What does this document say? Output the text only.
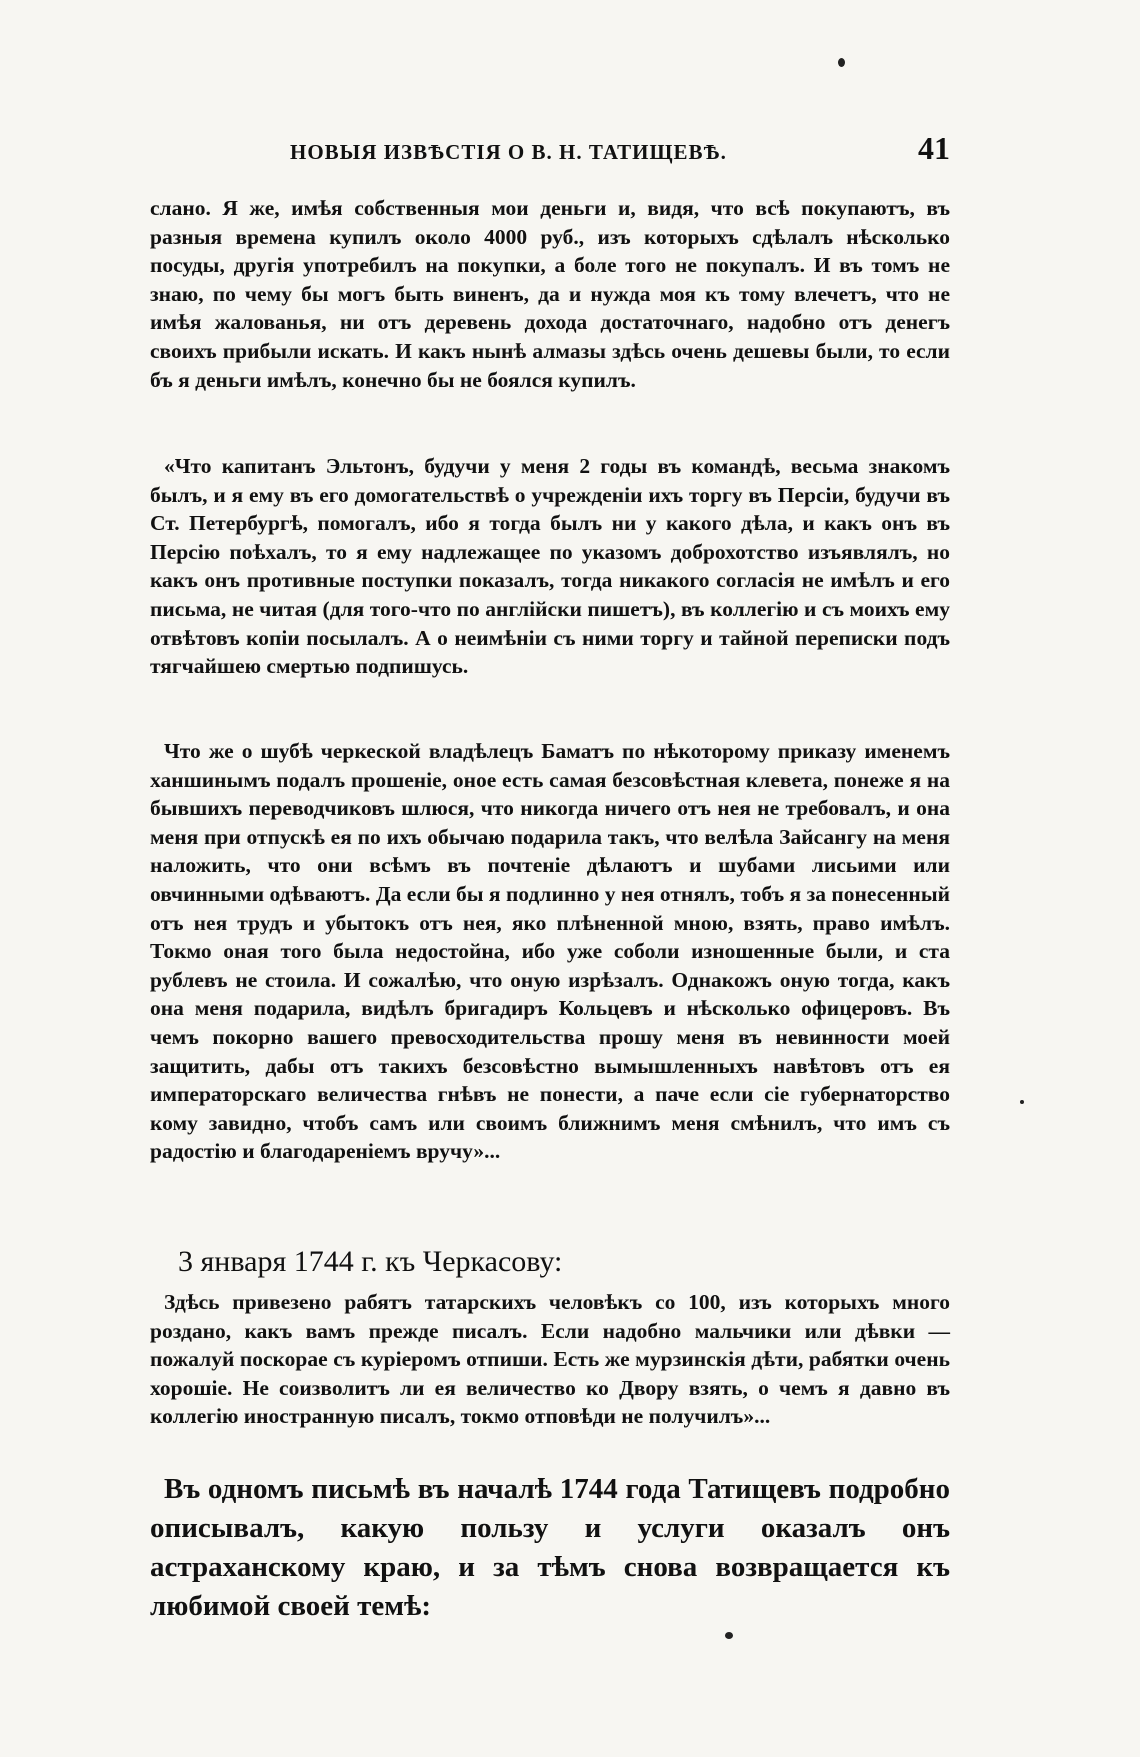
НОВЫЯ ИЗВѢСТІЯ О В. Н. ТАТИЩЕВѢ.	41

слано. Я же, имѣя собственныя мои деньги и, видя, что всѣ покупаютъ, въ разныя времена купилъ около 4000 руб., изъ которыхъ сдѣлалъ нѣсколько посуды, другія употребилъ на покупки, а боле того не покупалъ. И въ томъ не знаю, по чему бы могъ быть виненъ, да и нужда моя къ тому влечетъ, что не имѣя жалованья, ни отъ деревень дохода достаточнаго, надобно отъ денегъ своихъ прибыли искать. И какъ нынѣ алмазы здѣсь очень дешевы были, то если бъ я деньги имѣлъ, конечно бы не боялся купилъ.

«Что капитанъ Эльтонъ, будучи у меня 2 годы въ командѣ, весьма знакомъ былъ, и я ему въ его домогательствѣ о учрежденіи ихъ торгу въ Персіи, будучи въ Ст. Петербургѣ, помогалъ, ибо я тогда былъ ни у какого дѣла, и какъ онъ въ Персію поѣхалъ, то я ему надлежащее по указомъ доброхотство изъявлялъ, но какъ онъ противные поступки показалъ, тогда никакого согласія не имѣлъ и его письма, не читая (для того-что по англійски пишетъ), въ коллегію и съ моихъ ему отвѣтовъ копіи посылалъ. А о неимѣніи съ ними торгу и тайной переписки подъ тягчайшею смертью подпишусь.

Что же о шубѣ черкеской владѣлецъ Баматъ по нѣкоторому приказу именемъ ханшинымъ подалъ прошеніе, оное есть самая безсовѣстная клевета, понеже я на бывшихъ переводчиковъ шлюся, что никогда ничего отъ нея не требовалъ, и она меня при отпускѣ ея по ихъ обычаю подарила такъ, что велѣла Зайсангу на меня наложить, что они всѣмъ въ почтеніе дѣлаютъ и шубами лисьими или овчинными одѣваютъ. Да если бы я подлинно у нея отнялъ, тобъ я за понесенный отъ нея трудъ и убытокъ отъ нея, яко плѣненной мною, взять, право имѣлъ. Токмо оная того была недостойна, ибо уже соболи изношенные были, и ста рублевъ не стоила. И сожалѣю, что оную изрѣзалъ. Однакожъ оную тогда, какъ она меня подарила, видѣлъ бригадиръ Кольцевъ и нѣсколько офицеровъ. Въ чемъ покорно вашего превосходительства прошу меня въ невинности моей защитить, дабы отъ такихъ безсовѣстно вымышленныхъ навѣтовъ отъ ея императорскаго величества гнѣвъ не понести, а паче если сіе губернаторство кому завидно, чтобъ самъ или своимъ ближнимъ меня смѣнилъ, что имъ съ радостію и благодареніемъ вручу»...

3 января 1744 г. къ Черкасову:

Здѣсь привезено рабятъ татарскихъ человѣкъ со 100, изъ которыхъ много роздано, какъ вамъ прежде писалъ. Если надобно мальчики или дѣвки — пожалуй поскорае съ куріеромъ отпиши. Есть же мурзинскія дѣти, рабятки очень хорошіе. Не соизволитъ ли ея величество ко Двору взять, о чемъ я давно въ коллегію иностранную писалъ, токмо отповѣди не получилъ»...

Въ одномъ письмѣ въ началѣ 1744 года Татищевъ подробно описывалъ, какую пользу и услуги оказалъ онъ астраханскому краю, и за тѣмъ снова возвращается къ любимой своей темѣ:
